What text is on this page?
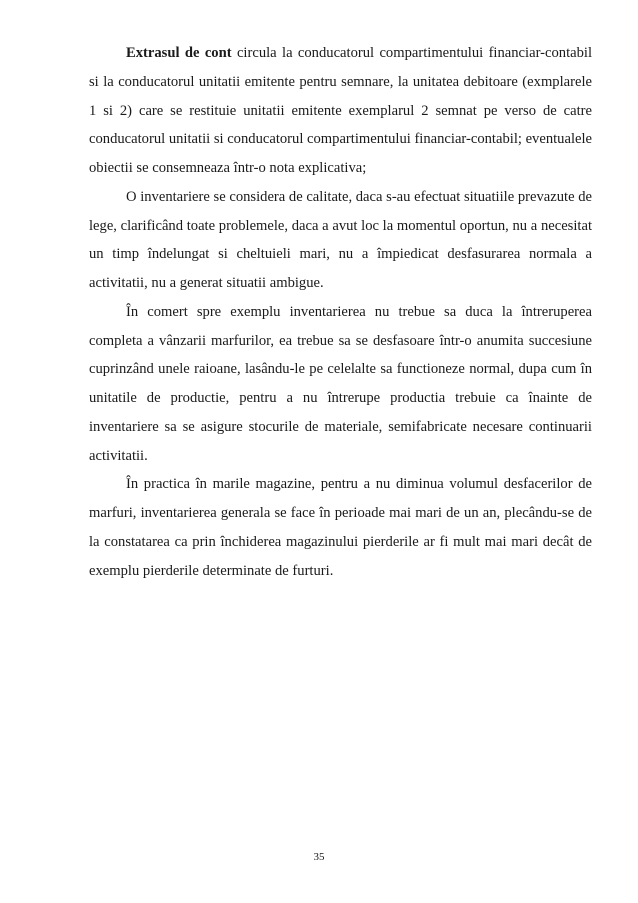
Extrasul de cont circula la conducatorul compartimentului financiar-contabil si la conducatorul unitatii emitente pentru semnare, la unitatea debitoare (exmplarele 1 si 2) care se restituie unitatii emitente exemplarul 2 semnat pe verso de catre conducatorul unitatii si conducatorul compartimentului financiar-contabil; eventualele obiectii se consemneaza într-o nota explicativa;

O inventariere se considera de calitate, daca s-au efectuat situatiile prevazute de lege, clarificând toate problemele, daca a avut loc la momentul oportun, nu a necesitat un timp îndelungat si cheltuieli mari, nu a împiedicat desfasurarea normala a activitatii, nu a generat situatii ambigue.

În comert spre exemplu inventarierea nu trebue sa duca la întreruperea completa a vânzarii marfurilor, ea trebue sa se desfasoare într-o anumita succesiune cuprinzând unele raioane, lasându-le pe celelalte sa functioneze normal, dupa cum în unitatile de productie, pentru a nu întrerupe productia trebuie ca înainte de inventariere sa se asigure stocurile de materiale, semifabricate necesare continuarii activitatii.

În practica în marile magazine, pentru a nu diminua volumul desfacerilor de marfuri, inventarierea generala se face în perioade mai mari de un an, plecându-se de la constatarea ca prin închiderea magazinului pierderile ar fi mult mai mari decât de exemplu pierderile determinate de furturi.

35
